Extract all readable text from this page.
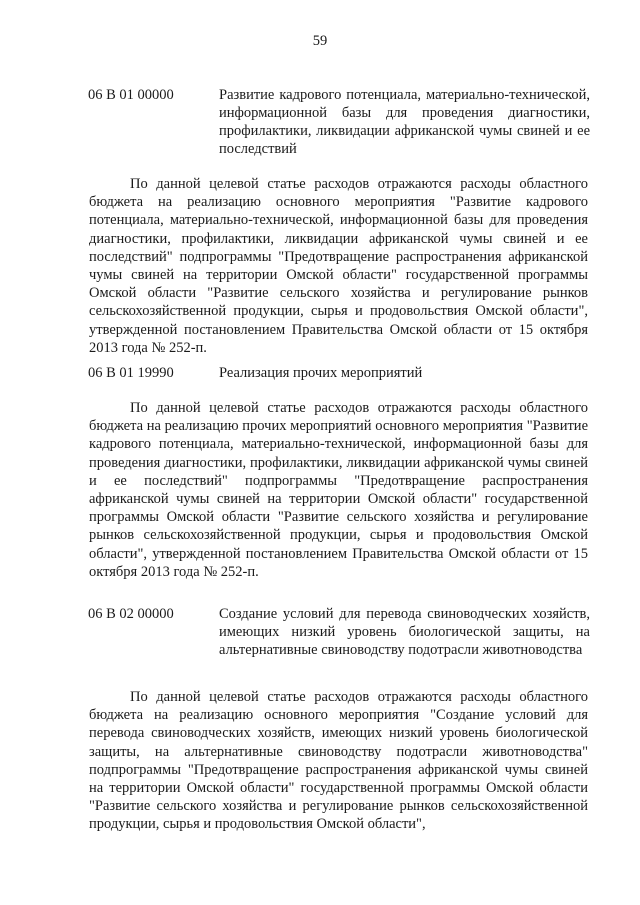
59
06 В 01 00000	Развитие кадрового потенциала, материально-технической, информационной базы для проведения диагностики, профилактики, ликвидации африканской чумы свиней и ее последствий
По данной целевой статье расходов отражаются расходы областного бюджета на реализацию основного мероприятия "Развитие кадрового потенциала, материально-технической, информационной базы для проведения диагностики, профилактики, ликвидации африканской чумы свиней и ее последствий" подпрограммы "Предотвращение распространения африканской чумы свиней на территории Омской области" государственной программы Омской области "Развитие сельского хозяйства и регулирование рынков сельскохозяйственной продукции, сырья и продовольствия Омской области", утвержденной постановлением Правительства Омской области от 15 октября 2013 года № 252-п.
06 В 01 19990	Реализация прочих мероприятий
По данной целевой статье расходов отражаются расходы областного бюджета на реализацию прочих мероприятий основного мероприятия "Развитие кадрового потенциала, материально-технической, информационной базы для проведения диагностики, профилактики, ликвидации африканской чумы свиней и ее последствий" подпрограммы "Предотвращение распространения африканской чумы свиней на территории Омской области" государственной программы Омской области "Развитие сельского хозяйства и регулирование рынков сельскохозяйственной продукции, сырья и продовольствия Омской области", утвержденной постановлением Правительства Омской области от 15 октября 2013 года № 252-п.
06 В 02 00000	Создание условий для перевода свиноводческих хозяйств, имеющих низкий уровень биологической защиты, на альтернативные свиноводству подотрасли животноводства
По данной целевой статье расходов отражаются расходы областного бюджета на реализацию основного мероприятия "Создание условий для перевода свиноводческих хозяйств, имеющих низкий уровень биологической защиты, на альтернативные свиноводству подотрасли животноводства" подпрограммы "Предотвращение распространения африканской чумы свиней на территории Омской области" государственной программы Омской области "Развитие сельского хозяйства и регулирование рынков сельскохозяйственной продукции, сырья и продовольствия Омской области",
